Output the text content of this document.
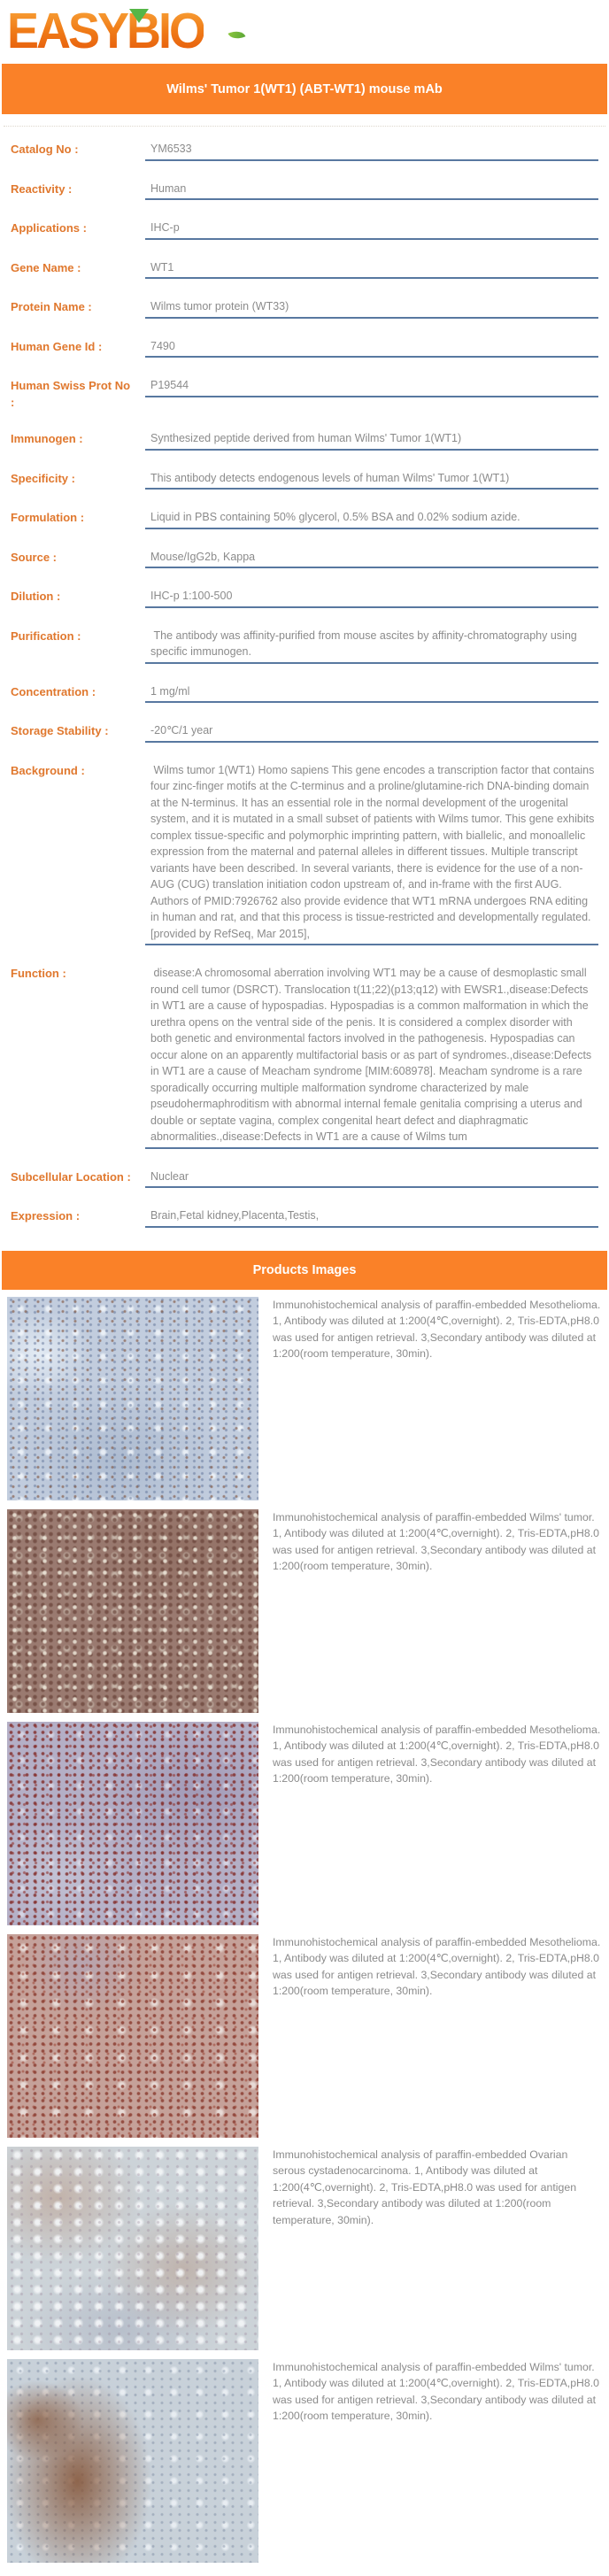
EASYBIO
Wilms' Tumor 1(WT1) (ABT-WT1) mouse mAb
Catalog No :	YM6533
Reactivity :	Human
Applications :	IHC-p
Gene Name :	WT1
Protein Name :	Wilms tumor protein (WT33)
Human Gene Id :	7490
Human Swiss Prot No :
P19544
Immunogen :	Synthesized peptide derived from human Wilms' Tumor 1(WT1)
Specificity :	This antibody detects endogenous levels of human Wilms' Tumor 1(WT1)
Formulation :	Liquid in PBS containing 50% glycerol, 0.5% BSA and 0.02% sodium azide.
Source :	Mouse/IgG2b, Kappa
Dilution :	IHC-p 1:100-500
Purification :	The antibody was affinity-purified from mouse ascites by affinity-chromatography using specific immunogen.
Concentration :	1 mg/ml
Storage Stability :	-20℃/1 year
Background :	Wilms tumor 1(WT1) Homo sapiens This gene encodes a transcription factor that contains four zinc-finger motifs at the C-terminus and a proline/glutamine-rich DNA-binding domain at the N-terminus. It has an essential role in the normal development of the urogenital system, and it is mutated in a small subset of patients with Wilms tumor. This gene exhibits complex tissue-specific and polymorphic imprinting pattern, with biallelic, and monoallelic expression from the maternal and paternal alleles in different tissues. Multiple transcript variants have been described. In several variants, there is evidence for the use of a non-AUG (CUG) translation initiation codon upstream of, and in-frame with the first AUG. Authors of PMID:7926762 also provide evidence that WT1 mRNA undergoes RNA editing in human and rat, and that this process is tissue-restricted and developmentally regulated. [provided by RefSeq, Mar 2015],
Function :	disease:A chromosomal aberration involving WT1 may be a cause of desmoplastic small round cell tumor (DSRCT). Translocation t(11;22)(p13;q12) with EWSR1.,disease:Defects in WT1 are a cause of hypospadias. Hypospadias is a common malformation in which the urethra opens on the ventral side of the penis. It is considered a complex disorder with both genetic and environmental factors involved in the pathogenesis. Hypospadias can occur alone on an apparently multifactorial basis or as part of syndromes.,disease:Defects in WT1 are a cause of Meacham syndrome [MIM:608978]. Meacham syndrome is a rare sporadically occurring multiple malformation syndrome characterized by male pseudohermaphroditism with abnormal internal female genitalia comprising a uterus and double or septate vagina, complex congenital heart defect and diaphragmatic abnormalities.,disease:Defects in WT1 are a cause of Wilms tum
Subcellular Location :	Nuclear
Expression :	Brain,Fetal kidney,Placenta,Testis,
Products Images
Immunohistochemical analysis of paraffin-embedded Mesothelioma. 1, Antibody was diluted at 1:200(4℃,overnight). 2, Tris-EDTA,pH8.0 was used for antigen retrieval. 3,Secondary antibody was diluted at 1:200(room temperature, 30min).
Immunohistochemical analysis of paraffin-embedded Wilms' tumor. 1, Antibody was diluted at 1:200(4℃,overnight). 2, Tris-EDTA,pH8.0 was used for antigen retrieval. 3,Secondary antibody was diluted at 1:200(room temperature, 30min).
Immunohistochemical analysis of paraffin-embedded Mesothelioma. 1, Antibody was diluted at 1:200(4℃,overnight). 2, Tris-EDTA,pH8.0 was used for antigen retrieval. 3,Secondary antibody was diluted at 1:200(room temperature, 30min).
Immunohistochemical analysis of paraffin-embedded Mesothelioma. 1, Antibody was diluted at 1:200(4℃,overnight). 2, Tris-EDTA,pH8.0 was used for antigen retrieval. 3,Secondary antibody was diluted at 1:200(room temperature, 30min).
Immunohistochemical analysis of paraffin-embedded Ovarian serous cystadenocarcinoma. 1, Antibody was diluted at 1:200(4℃,overnight). 2, Tris-EDTA,pH8.0 was used for antigen retrieval. 3,Secondary antibody was diluted at 1:200(room temperature, 30min).
Immunohistochemical analysis of paraffin-embedded Wilms' tumor. 1, Antibody was diluted at 1:200(4℃,overnight). 2, Tris-EDTA,pH8.0 was used for antigen retrieval. 3,Secondary antibody was diluted at 1:200(room temperature, 30min).
